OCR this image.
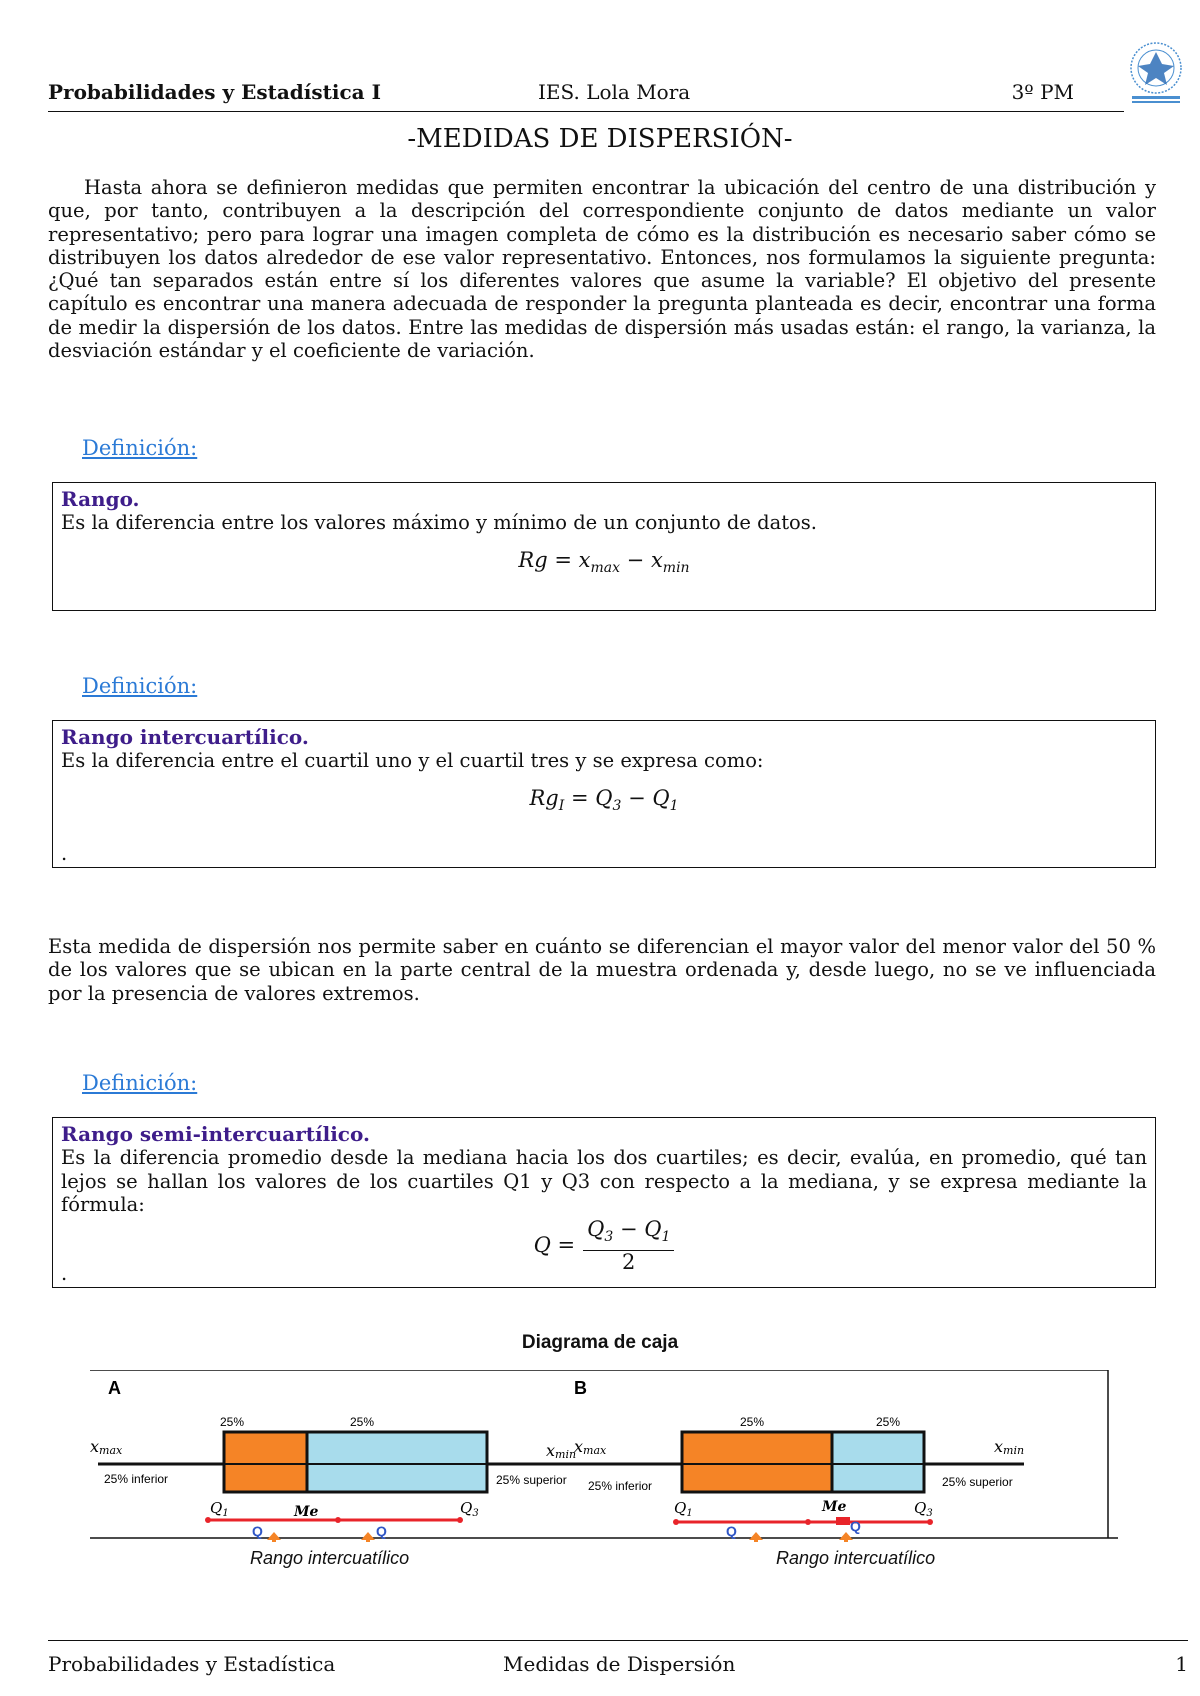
Probabilidades y Estadística I	IES. Lola Mora	3º PM
-MEDIDAS DE DISPERSIÓN-

Hasta ahora se definieron medidas que permiten encontrar la ubicación del centro de una distribución y que, por tanto, contribuyen a la descripción del correspondiente conjunto de datos mediante un valor representativo; pero para lograr una imagen completa de cómo es la distribución es necesario saber cómo se distribuyen los datos alrededor de ese valor representativo. Entonces, nos formulamos la siguiente pregunta: ¿Qué tan separados están entre sí los diferentes valores que asume la variable? El objetivo del presente capítulo es encontrar una manera adecuada de responder la pregunta planteada es decir, encontrar una forma de medir la dispersión de los datos. Entre las medidas de dispersión más usadas están: el rango, la varianza, la desviación estándar y el coeficiente de variación.

Definición:
Rango.
Es la diferencia entre los valores máximo y mínimo de un conjunto de datos.
$Rg = x_{max} - x_{min}$
Definición:
Rango intercuartílico.
Es la diferencia entre el cuartil uno y el cuartil tres y se expresa como:
$Rg_I = Q_3 - Q_1$
.

Esta medida de dispersión nos permite saber en cuánto se diferencian el mayor valor del menor valor del 50 % de los valores que se ubican en la parte central de la muestra ordenada y, desde luego, no se ve influenciada por la presencia de valores extremos.

Definición:
Rango semi-intercuartílico.
Es la diferencia promedio desde la mediana hacia los dos cuartiles; es decir, evalúa, en promedio, qué tan lejos se hallan los valores de los cuartiles Q1 y Q3 con respecto a la mediana, y se expresa mediante la fórmula:
$Q = \frac{Q_3 - Q_1}{2}$
.
Diagrama de caja
A
25%	25%
xmax	xmin
25% inferior	25% superior
$Q_1$	Me	$Q_3$
Q	Q
B
25%	25%
xmax	xmin
25% inferior	25% superior
$Q_1$	Me	$Q_3$
Q	Q
Rango intercuatílico	Rango intercuatílico
Probabilidades y Estadística	Medidas de Dispersión	1
